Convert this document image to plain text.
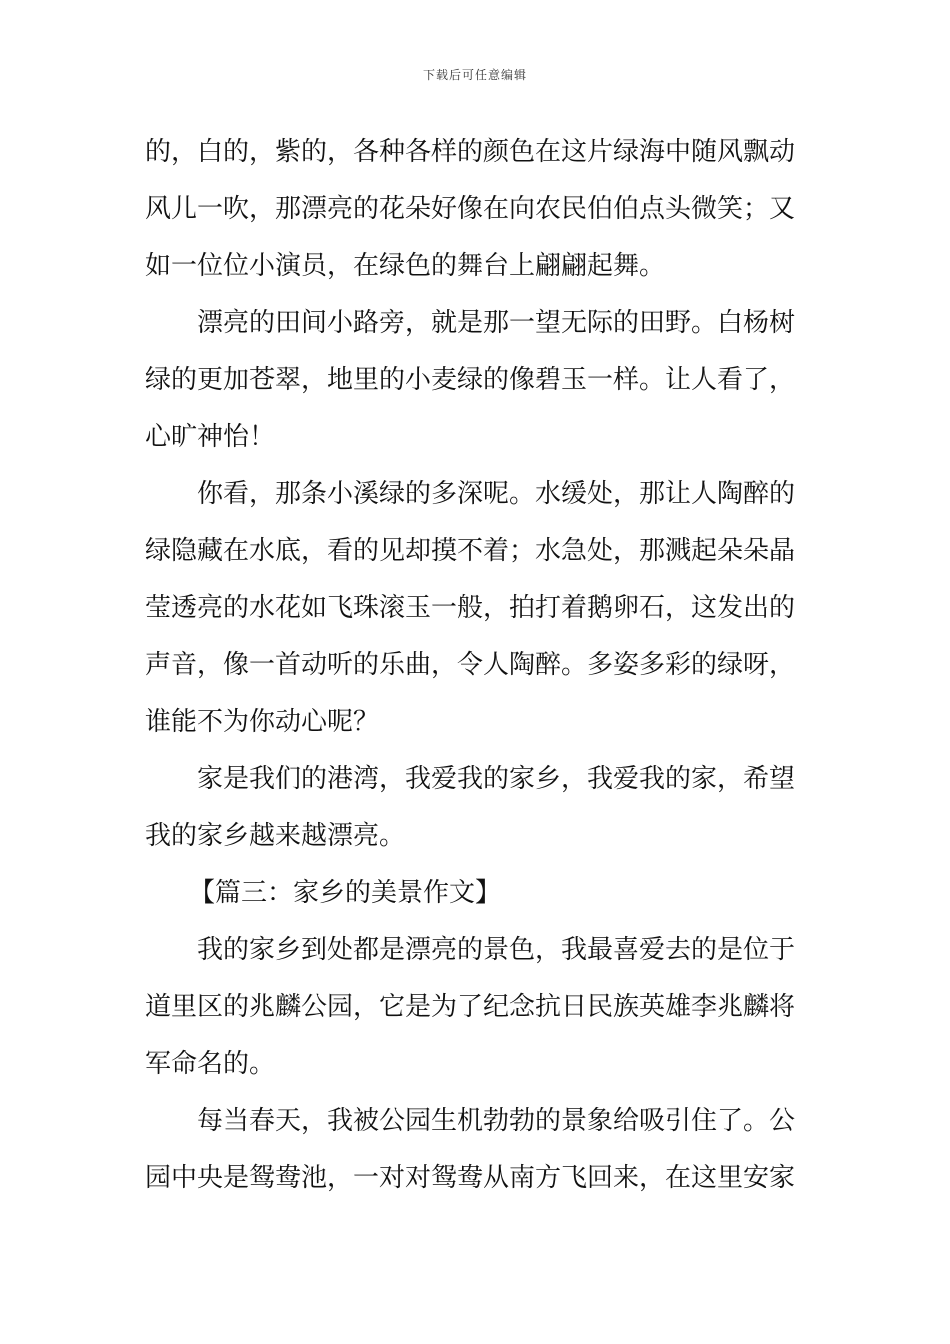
下载后可任意编辑
的，白的，紫的，各种各样的颜色在这片绿海中随风飘动
风儿一吹，那漂亮的花朵好像在向农民伯伯点头微笑；又
如一位位小演员，在绿色的舞台上翩翩起舞。
漂亮的田间小路旁，就是那一望无际的田野。白杨树
绿的更加苍翠，地里的小麦绿的像碧玉一样。让人看了，
心旷神怡！
你看，那条小溪绿的多深呢。水缓处，那让人陶醉的
绿隐藏在水底，看的见却摸不着；水急处，那溅起朵朵晶
莹透亮的水花如飞珠滚玉一般，拍打着鹅卵石，这发出的
声音，像一首动听的乐曲，令人陶醉。多姿多彩的绿呀，
谁能不为你动心呢？
家是我们的港湾，我爱我的家乡，我爱我的家，希望
我的家乡越来越漂亮。
【篇三：家乡的美景作文】
我的家乡到处都是漂亮的景色，我最喜爱去的是位于
道里区的兆麟公园，它是为了纪念抗日民族英雄李兆麟将
军命名的。
每当春天，我被公园生机勃勃的景象给吸引住了。公
园中央是鸳鸯池，一对对鸳鸯从南方飞回来，在这里安家
